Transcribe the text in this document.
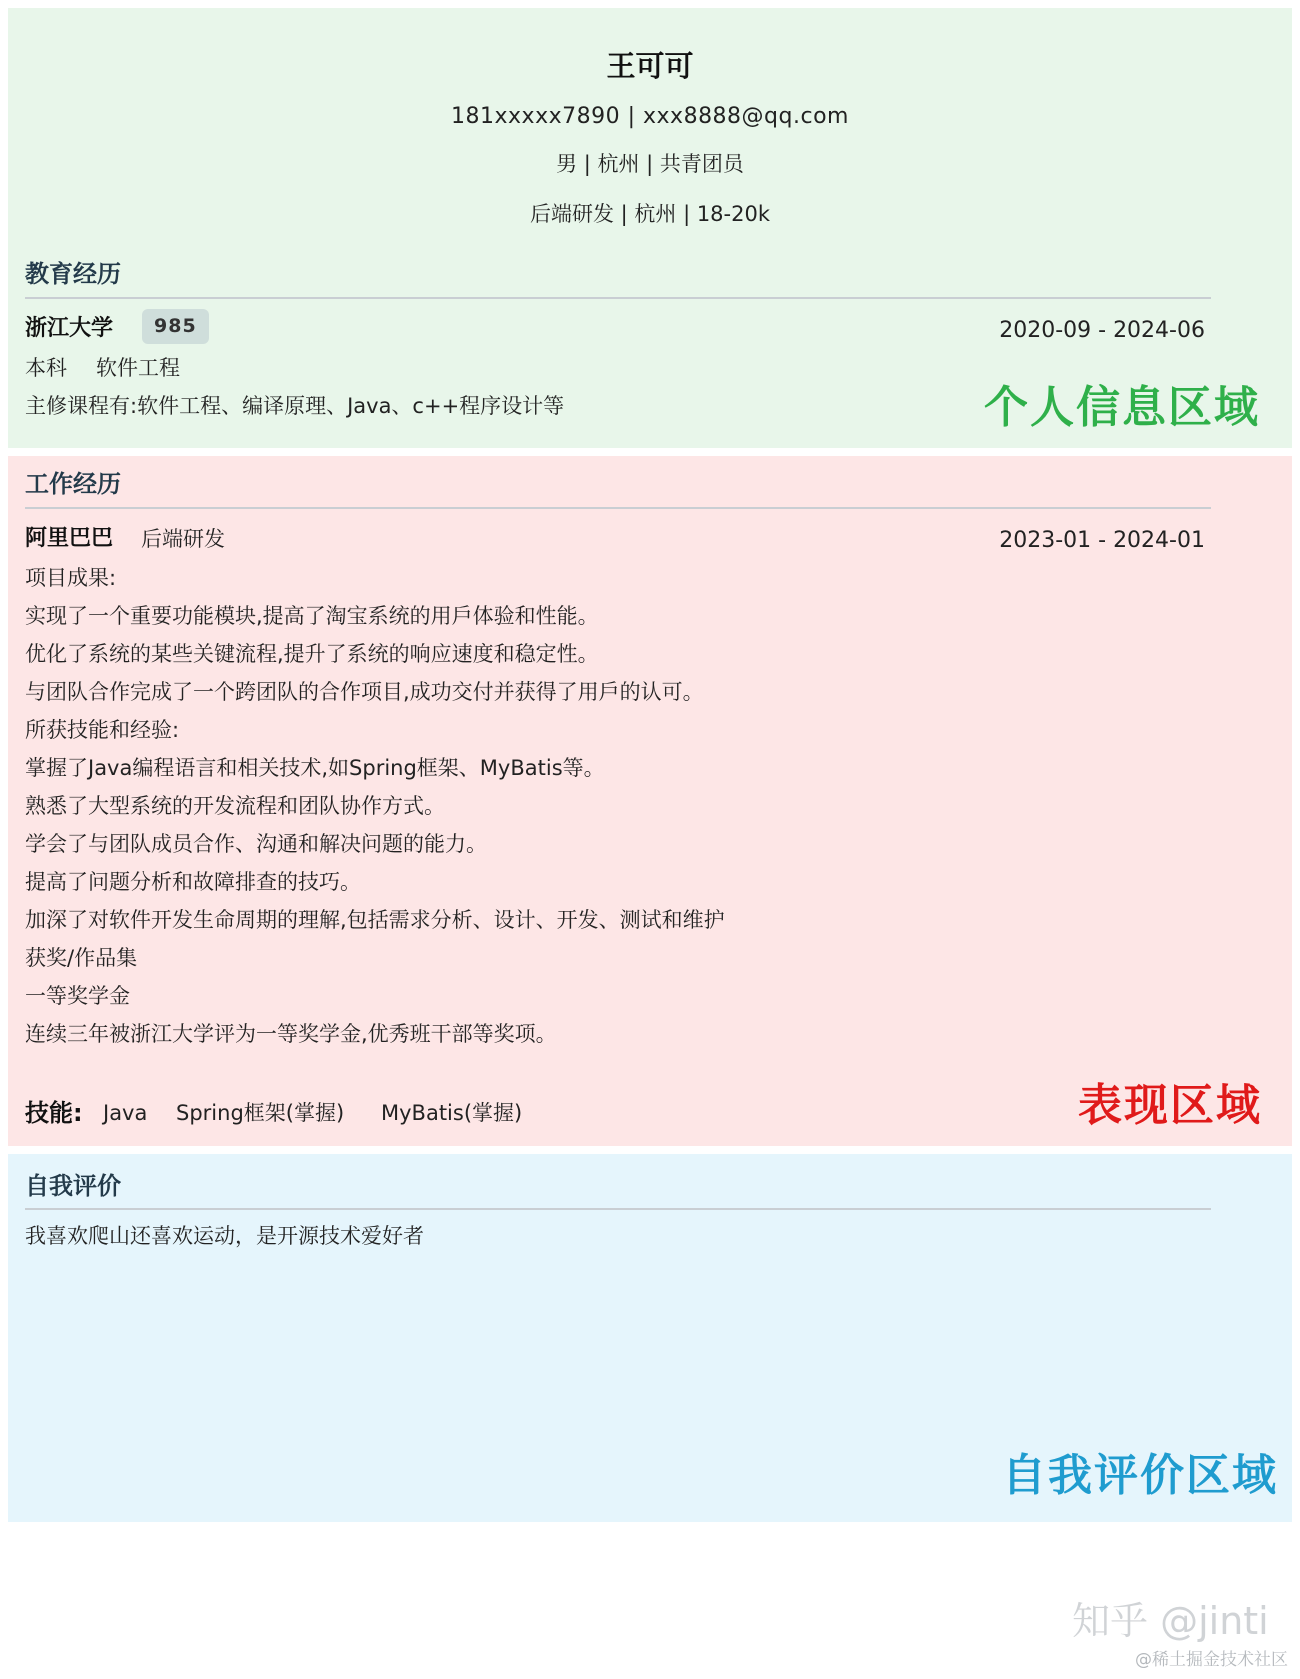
王可可
181xxxxx7890 | xxx8888@qq.com
男 | 杭州 | 共青团员
后端研发 | 杭州 | 18-20k
教育经历
浙江大学	985	2020-09 - 2024-06
本科 软件工程
主修课程有:软件工程、编译原理、Java、c++程序设计等	个人信息区域
工作经历
阿里巴巴 后端研发	2023-01 - 2024-01
项目成果:
实现了一个重要功能模块,提高了淘宝系统的用戶体验和性能。
优化了系统的某些关键流程,提升了系统的响应速度和稳定性。
与团队合作完成了一个跨团队的合作项目,成功交付并获得了用戶的认可。
所获技能和经验:
掌握了Java编程语言和相关技术,如Spring框架、MyBatis等。
熟悉了大型系统的开发流程和团队协作方式。
学会了与团队成员合作、沟通和解决问题的能力。
提高了问题分析和故障排查的技巧。
加深了对软件开发生命周期的理解,包括需求分析、设计、开发、测试和维护
获奖/作品集
一等奖学金
连续三年被浙江大学评为一等奖学金,优秀班干部等奖项。
技能: Java Spring框架(掌握) MyBatis(掌握)	表现区域
自我评价
我喜欢爬山还喜欢运动，是开源技术爱好者
自我评价区域
知乎 @jinti
@稀土掘金技术社区
